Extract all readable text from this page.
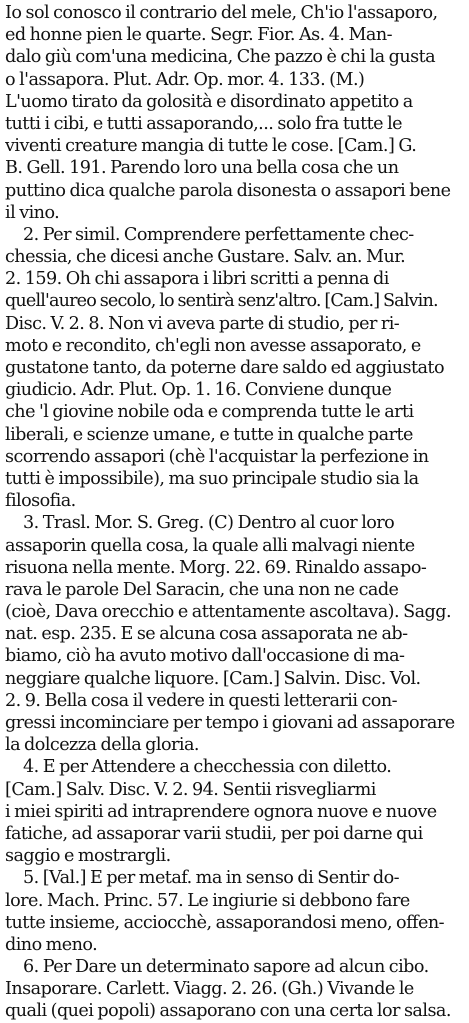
Io sol conosco il contrario del mele, Ch'io l'assaporo,
ed honne pien le quarte. Segr. Fior. As. 4. Man-
dalo giù com'una medicina, Che pazzo è chi la gusta
o l'assapora. Plut. Adr. Op. mor. 4. 133. (M.)
L'uomo tirato da golosità e disordinato appetito a
tutti i cibi, e tutti assaporando,... solo fra tutte le
viventi creature mangia di tutte le cose. [Cam.] G.
B. Gell. 191. Parendo loro una bella cosa che un
puttino dica qualche parola disonesta o assapori bene
il vino.
2. Per simil. Comprendere perfettamente chec-
chessia, che dicesi anche Gustare. Salv. an. Mur.
2. 159. Oh chi assapora i libri scritti a penna di
quell'aureo secolo, lo sentirà senz'altro. [Cam.] Salvin.
Disc. V. 2. 8. Non vi aveva parte di studio, per ri-
moto e recondito, ch'egli non avesse assaporato, e
gustatone tanto, da poterne dare saldo ed aggiustato
giudicio. Adr. Plut. Op. 1. 16. Conviene dunque
che 'l giovine nobile oda e comprenda tutte le arti
liberali, e scienze umane, e tutte in qualche parte
scorrendo assapori (chè l'acquistar la perfezione in
tutti è impossibile), ma suo principale studio sia la
filosofia.
3. Trasl. Mor. S. Greg. (C) Dentro al cuor loro
assaporin quella cosa, la quale alli malvagi niente
risuona nella mente. Morg. 22. 69. Rinaldo assapo-
rava le parole Del Saracin, che una non ne cade
(cioè, Dava orecchio e attentamente ascoltava). Sagg.
nat. esp. 235. E se alcuna cosa assaporata ne ab-
biamo, ciò ha avuto motivo dall'occasione di ma-
neggiare qualche liquore. [Cam.] Salvin. Disc. Vol.
2. 9. Bella cosa il vedere in questi letterarii con-
gressi incominciare per tempo i giovani ad assaporare
la dolcezza della gloria.
4. E per Attendere a checchessia con diletto.
[Cam.] Salv. Disc. V. 2. 94. Sentii risvegliarmi
i miei spiriti ad intraprendere ognora nuove e nuove
fatiche, ad assaporar varii studii, per poi darne qui
saggio e mostrargli.
5. [Val.] E per metaf. ma in senso di Sentir do-
lore. Mach. Princ. 57. Le ingiurie si debbono fare
tutte insieme, acciocchè, assaporandosi meno, offen-
dino meno.
6. Per Dare un determinato sapore ad alcun cibo.
Insaporare. Carlett. Viagg. 2. 26. (Gh.) Vivande le
quali (quei popoli) assaporano con una certa lor salsa.
